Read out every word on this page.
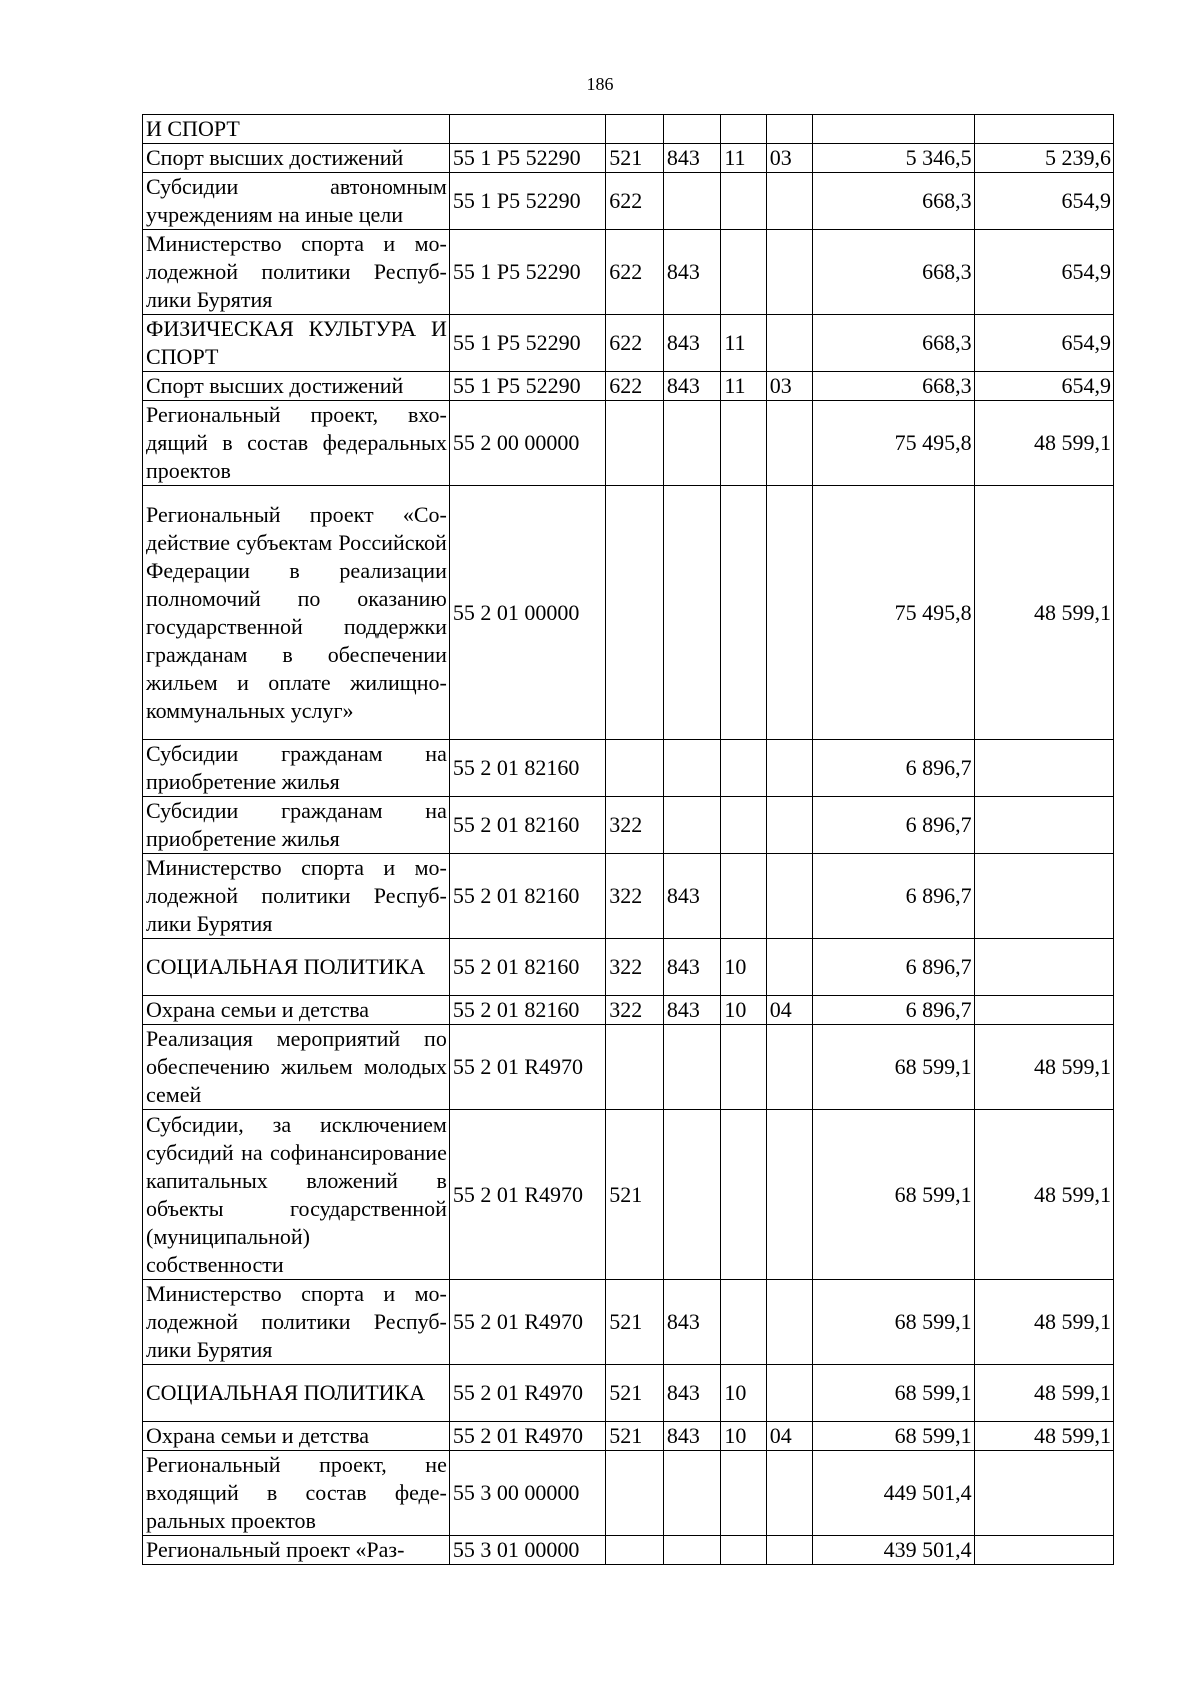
186
И СПОРТ							
Спорт высших достижений	55 1 Р5 52290	521	843	11	03	5 346,5	5 239,6
Субсидии автономным учреждениям на иные цели	55 1 Р5 52290	622				668,3	654,9
Министерство спорта и молодежной политики Республики Бурятия	55 1 Р5 52290	622	843			668,3	654,9
ФИЗИЧЕСКАЯ КУЛЬТУРА И СПОРТ	55 1 Р5 52290	622	843	11		668,3	654,9
Спорт высших достижений	55 1 Р5 52290	622	843	11	03	668,3	654,9
Региональный проект, входящий в состав федеральных проектов	55 2 00 00000					75 495,8	48 599,1
Региональный проект «Содействие субъектам Российской Федерации в реализации полномочий по оказанию государственной поддержки гражданам в обеспечении жильем и оплате жилищно-коммунальных услуг»	55 2 01 00000					75 495,8	48 599,1
Субсидии гражданам на приобретение жилья	55 2 01 82160					6 896,7	
Субсидии гражданам на приобретение жилья	55 2 01 82160	322				6 896,7	
Министерство спорта и молодежной политики Республики Бурятия	55 2 01 82160	322	843			6 896,7	
СОЦИАЛЬНАЯ ПОЛИТИКА	55 2 01 82160	322	843	10		6 896,7	
Охрана семьи и детства	55 2 01 82160	322	843	10	04	6 896,7	
Реализация мероприятий по обеспечению жильем молодых семей	55 2 01 R4970					68 599,1	48 599,1
Субсидии, за исключением субсидий на софинансирование капитальных вложений в объекты государственной (муниципальной) собственности	55 2 01 R4970	521				68 599,1	48 599,1
Министерство спорта и молодежной политики Республики Бурятия	55 2 01 R4970	521	843			68 599,1	48 599,1
СОЦИАЛЬНАЯ ПОЛИТИКА	55 2 01 R4970	521	843	10		68 599,1	48 599,1
Охрана семьи и детства	55 2 01 R4970	521	843	10	04	68 599,1	48 599,1
Региональный проект, не входящий в состав федеральных проектов	55 3 00 00000					449 501,4	
Региональный проект «Раз-	55 3 01 00000					439 501,4	
